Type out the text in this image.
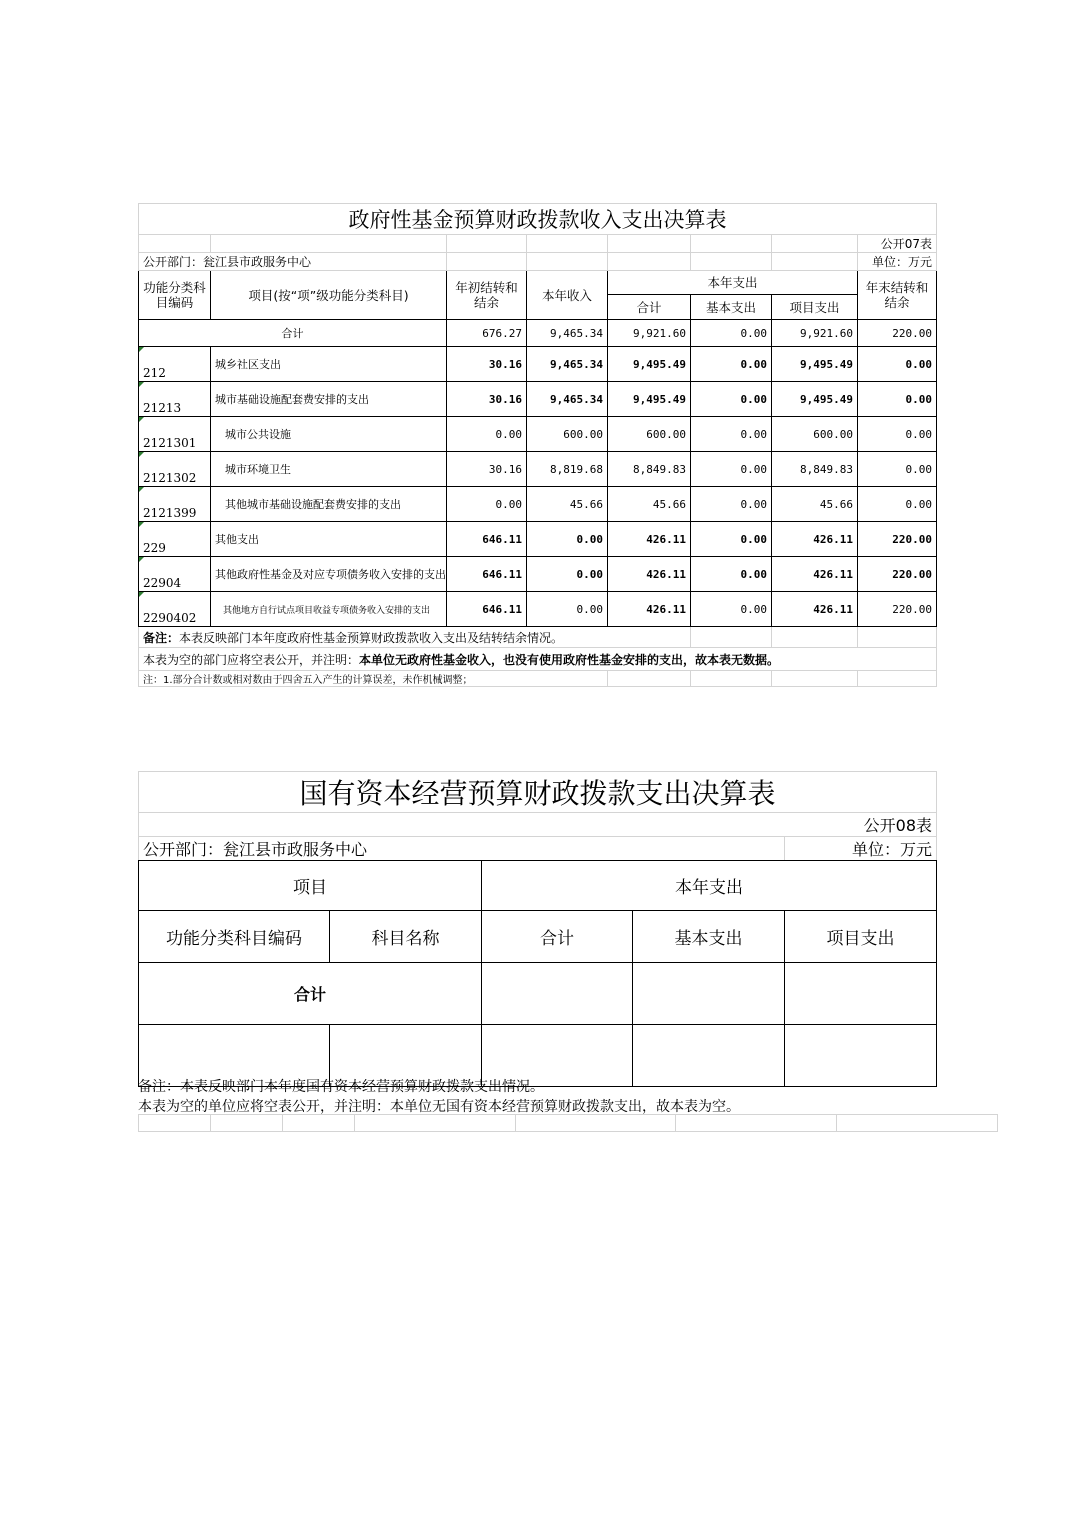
政府性基金预算财政拨款收入支出决算表							
							公开07表
公开部门：瓮江县市政服务中心							单位：万元
功能分类科目编码	项目(按“项”级功能分类科目)	年初结转和结余	本年收入	本年支出			年末结转和结余
				合计	基本支出	项目支出	
合计		676.27	9,465.34	9,921.60	0.00	9,921.60	220.00
212	城乡社区支出	30.16	9,465.34	9,495.49	0.00	9,495.49	0.00
21213	城市基础设施配套费安排的支出	30.16	9,465.34	9,495.49	0.00	9,495.49	0.00
2121301	城市公共设施	0.00	600.00	600.00	0.00	600.00	0.00
2121302	城市环境卫生	30.16	8,819.68	8,849.83	0.00	8,849.83	0.00
2121399	其他城市基础设施配套费安排的支出	0.00	45.66	45.66	0.00	45.66	0.00
229	其他支出	646.11	0.00	426.11	0.00	426.11	220.00
22904	其他政府性基金及对应专项债务收入安排的支出	646.11	0.00	426.11	0.00	426.11	220.00
2290402	其他地方自行试点项目收益专项债务收入安排的支出	646.11	0.00	426.11	0.00	426.11	220.00
备注：本表反映部门本年度政府性基金预算财政拨款收入支出及结转结余情况。							
本表为空的部门应将空表公开，并注明：本单位无政府性基金收入，也没有使用政府性基金安排的支出，故本表无数据。							
注：1.部分合计数或相对数由于四舍五入产生的计算误差，未作机械调整；							
国有资本经营预算财政拨款支出决算表				
公开08表				
公开部门：瓮江县市政服务中心				单位：万元
项目		本年支出		
功能分类科目编码	科目名称	合计	基本支出	项目支出
合计				

备注：本表反映部门本年度国有资本经营预算财政拨款支出情况。
本表为空的单位应将空表公开，并注明：本单位无国有资本经营预算财政拨款支出，故本表为空。
